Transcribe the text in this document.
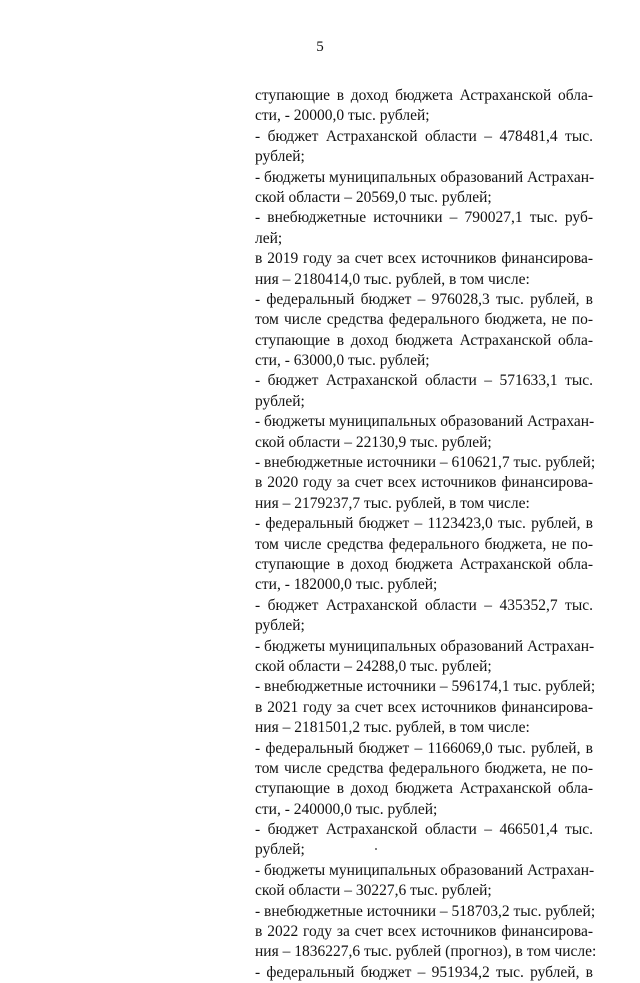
5
ступающие в доход бюджета Астраханской обла-
сти, - 20000,0 тыс. рублей;
- бюджет Астраханской области – 478481,4 тыс.
рублей;
- бюджеты муниципальных образований Астрахан-
ской области – 20569,0 тыс. рублей;
- внебюджетные источники – 790027,1 тыс. руб-
лей;
в 2019 году за счет всех источников финансирова-
ния – 2180414,0 тыс. рублей, в том числе:
- федеральный бюджет – 976028,3 тыс. рублей, в
том числе средства федерального бюджета, не по-
ступающие в доход бюджета Астраханской обла-
сти, - 63000,0 тыс. рублей;
- бюджет Астраханской области – 571633,1 тыс.
рублей;
- бюджеты муниципальных образований Астрахан-
ской области – 22130,9 тыс. рублей;
- внебюджетные источники – 610621,7 тыс. рублей;
в 2020 году за счет всех источников финансирова-
ния – 2179237,7 тыс. рублей, в том числе:
- федеральный бюджет – 1123423,0 тыс. рублей, в
том числе средства федерального бюджета, не по-
ступающие в доход бюджета Астраханской обла-
сти, - 182000,0 тыс. рублей;
- бюджет Астраханской области – 435352,7 тыс.
рублей;
- бюджеты муниципальных образований Астрахан-
ской области – 24288,0 тыс. рублей;
- внебюджетные источники – 596174,1 тыс. рублей;
в 2021 году за счет всех источников финансирова-
ния – 2181501,2 тыс. рублей, в том числе:
- федеральный бюджет – 1166069,0 тыс. рублей, в
том числе средства федерального бюджета, не по-
ступающие в доход бюджета Астраханской обла-
сти, - 240000,0 тыс. рублей;
- бюджет Астраханской области – 466501,4 тыс.
рублей;
- бюджеты муниципальных образований Астрахан-
ской области – 30227,6 тыс. рублей;
- внебюджетные источники – 518703,2 тыс. рублей;
в 2022 году за счет всех источников финансирова-
ния – 1836227,6 тыс. рублей (прогноз), в том числе:
- федеральный бюджет – 951934,2 тыс. рублей, в
